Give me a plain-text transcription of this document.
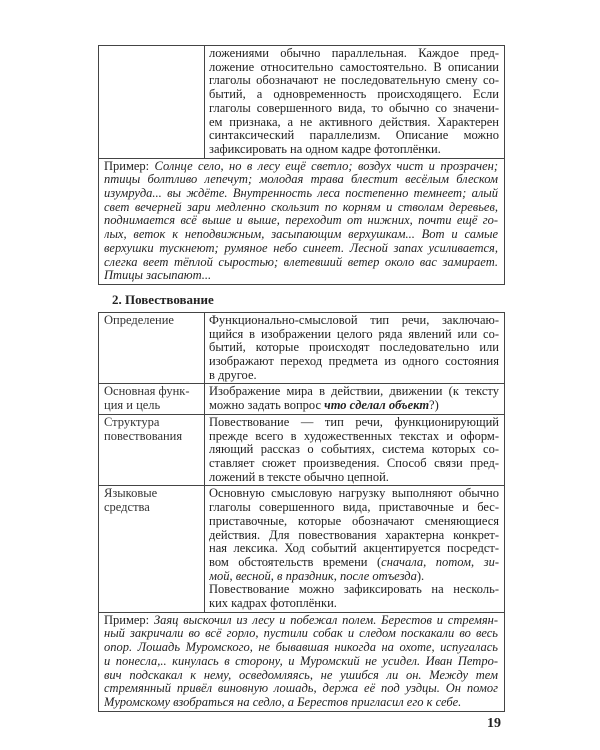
ложениями обычно параллельная. Каждое пред-
ложение относительно самостоятельно. В описании
глаголы обозначают не последовательную смену со-
бытий, а одновременность происходящего. Если
глаголы совершенного вида, то обычно со значени-
ем признака, а не активного действия. Характерен
синтаксический параллелизм. Описание можно
зафиксировать на одном кадре фотоплёнки.
Пример: Солнце село, но в лесу ещё светло; воздух чист и прозрачен;
птицы болтливо лепечут; молодая трава блестит весёлым блеском
изумруда... вы ждёте. Внутренность леса постепенно темнеет; алый
свет вечерней зари медленно скользит по корням и стволам деревьев,
поднимается всё выше и выше, переходит от нижних, почти ещё го-
лых, веток к неподвижным, засыпающим верхушкам... Вот и самые
верхушки тускнеют; румяное небо синеет. Лесной запах усиливается,
слегка веет тёплой сыростью; влетевший ветер около вас замирает.
Птицы засыпают...
2. Повествование
Определение	Функционально-смысловой тип речи, заключаю-
щийся в изображении целого ряда явлений или со-
бытий, которые происходят последовательно или
изображают переход предмета из одного состояния
в другое.
Основная функ-
ция и цель
Изображение мира в действии, движении (к тексту
можно задать вопрос что сделал объект?)
Структура
повествования
Повествование — тип речи, функционирующий
прежде всего в художественных текстах и оформ-
ляющий рассказ о событиях, система которых со-
ставляет сюжет произведения. Способ связи пред-
ложений в тексте обычно цепной.
Языковые
средства
Основную смысловую нагрузку выполняют обычно
глаголы совершенного вида, приставочные и бес-
приставочные, которые обозначают сменяющиеся
действия. Для повествования характерна конкрет-
ная лексика. Ход событий акцентируется посредст-
вом обстоятельств времени (сначала, потом, зи-
мой, весной, в праздник, после отъезда).
Повествование можно зафиксировать на несколь-
ких кадрах фотоплёнки.
Пример: Заяц выскочил из лесу и побежал полем. Берестов и стремян-
ный закричали во всё горло, пустили собак и следом поскакали во весь
опор. Лошадь Муромского, не бывавшая никогда на охоте, испугалась
и понесла,.. кинулась в сторону, и Муромский не усидел. Иван Петро-
вич подскакал к нему, осведомляясь, не ушибся ли он. Между тем
стремянный привёл виновную лошадь, держа её под уздцы. Он помог
Муромскому взобраться на седло, а Берестов пригласил его к себе.
19
